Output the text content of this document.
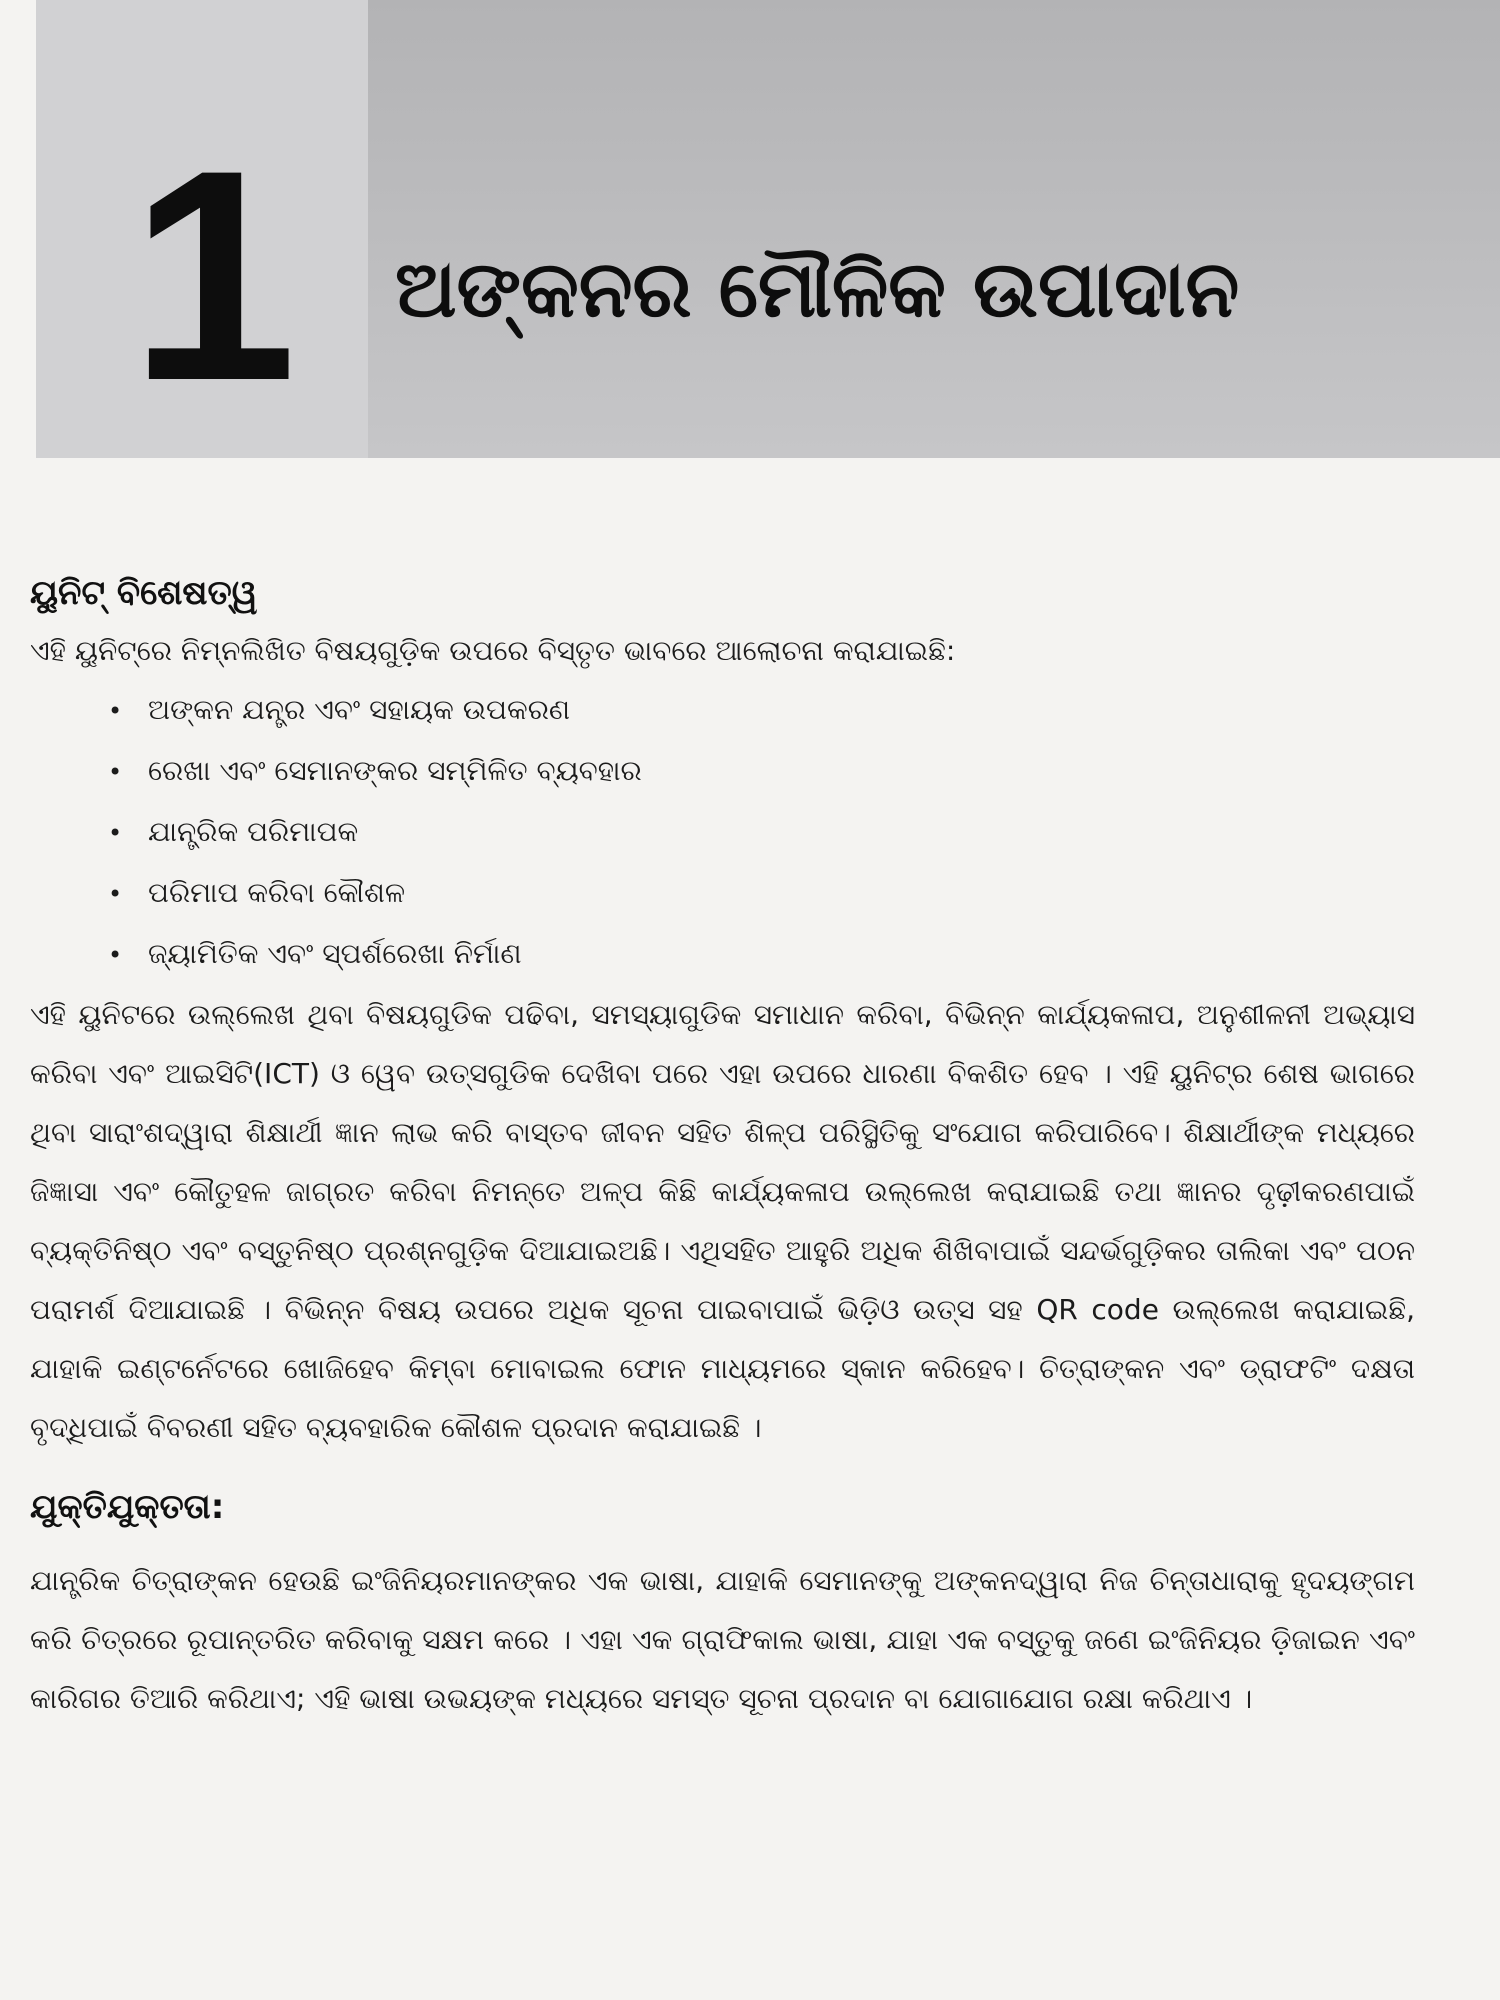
1 ଅଙ୍କନର ମୌଳିକ ଉପାଦାନ
ୟୁନିଟ୍ ବିଶେଷତ୍ୱ

ଏହି ୟୁନିଟ୍‌ରେ ନିମ୍ନଲିଖିତ ବିଷୟଗୁଡ଼ିକ ଉପରେ ବିସ୍ତୃତ ଭାବରେ ଆଲୋଚନା କରାଯାଇଛି:

• ଅଙ୍କନ ଯନ୍ତ୍ର ଏବଂ ସହାୟକ ଉପକରଣ
• ରେଖା ଏବଂ ସେମାନଙ୍କର ସମ୍ମିଳିତ ବ୍ୟବହାର
• ଯାନ୍ତ୍ରିକ ପରିମାପକ
• ପରିମାପ କରିବା କୌଶଳ
• ଜ୍ୟାମିତିକ ଏବଂ ସ୍ପର୍ଶରେଖା ନିର୍ମାଣ

ଏହି ୟୁନିଟରେ ଉଲ୍ଲେଖ ଥିବା ବିଷୟଗୁଡିକ ପଢିବା, ସମସ୍ୟାଗୁଡିକ ସମାଧାନ କରିବା, ବିଭିନ୍ନ କାର୍ଯ୍ୟକଳାପ, ଅନୁଶୀଳନୀ ଅଭ୍ୟାସ କରିବା ଏବଂ ଆଇସିଟି(ICT) ଓ ୱେବ ଉତ୍ସଗୁଡିକ ଦେଖିବା ପରେ ଏହା ଉପରେ ଧାରଣା ବିକଶିତ ହେବ । ଏହି ୟୁନିଟ୍‌ର ଶେଷ ଭାଗରେ ଥିବା ସାରାଂଶଦ୍ୱାରା ଶିକ୍ଷାର୍ଥୀ ଜ୍ଞାନ ଲାଭ କରି ବାସ୍ତବ ଜୀବନ ସହିତ ଶିଳ୍ପ ପରିସ୍ଥିତିକୁ ସଂଯୋଗ କରିପାରିବେ। ଶିକ୍ଷାର୍ଥୀଙ୍କ ମଧ୍ୟରେ ଜିଜ୍ଞାସା ଏବଂ କୌତୁହଳ ଜାଗ୍ରତ କରିବା ନିମନ୍ତେ ଅଳ୍ପ କିଛି କାର୍ଯ୍ୟକଳାପ ଉଲ୍ଲେଖ କରାଯାଇଛି ତଥା ଜ୍ଞାନର ଦୃଢ଼ୀକରଣପାଇଁ ବ୍ୟକ୍ତିନିଷ୍ଠ ଏବଂ ବସ୍ତୁନିଷ୍ଠ ପ୍ରଶ୍ନଗୁଡ଼ିକ ଦିଆଯାଇଅଛି। ଏଥିସହିତ ଆହୁରି ଅଧିକ ଶିଖିବାପାଇଁ ସନ୍ଦର୍ଭଗୁଡ଼ିକର ତାଲିକା ଏବଂ ପଠନ ପରାମର୍ଶ ଦିଆଯାଇଛି । ବିଭିନ୍ନ ବିଷୟ ଉପରେ ଅଧିକ ସୂଚନା ପାଇବାପାଇଁ ଭିଡ଼ିଓ ଉତ୍ସ ସହ QR code ଉଲ୍ଲେଖ କରାଯାଇଛି, ଯାହାକି ଇଣ୍ଟର୍ନେଟରେ ଖୋଜିହେବ କିମ୍ବା ମୋବାଇଲ ଫୋନ ମାଧ୍ୟମରେ ସ୍କାନ କରିହେବ। ଚିତ୍ରାଙ୍କନ ଏବଂ ଡ୍ରାଫଟିଂ ଦକ୍ଷତା ବୃଦ୍ଧିପାଇଁ ବିବରଣୀ ସହିତ ବ୍ୟବହାରିକ କୌଶଳ ପ୍ରଦାନ କରାଯାଇଛି ।

ଯୁକ୍ତିଯୁକ୍ତତା:

ଯାନ୍ତ୍ରିକ ଚିତ୍ରାଙ୍କନ ହେଉଛି ଇଂଜିନିୟରମାନଙ୍କର ଏକ ଭାଷା, ଯାହାକି ସେମାନଙ୍କୁ ଅଙ୍କନଦ୍ୱାରା ନିଜ ଚିନ୍ତାଧାରାକୁ ହୃଦୟଙ୍ଗମ କରି ଚିତ୍ରରେ ରୂପାନ୍ତରିତ କରିବାକୁ ସକ୍ଷମ କରେ । ଏହା ଏକ ଗ୍ରାଫିକାଲ ଭାଷା, ଯାହା ଏକ ବସ୍ତୁକୁ ଜଣେ ଇଂଜିନିୟର ଡ଼ିଜାଇନ ଏବଂ କାରିଗର ତିଆରି କରିଥାଏ; ଏହି ଭାଷା ଉଭୟଙ୍କ ମଧ୍ୟରେ ସମସ୍ତ ସୂଚନା ପ୍ରଦାନ ବା ଯୋଗାଯୋଗ ରକ୍ଷା କରିଥାଏ ।
